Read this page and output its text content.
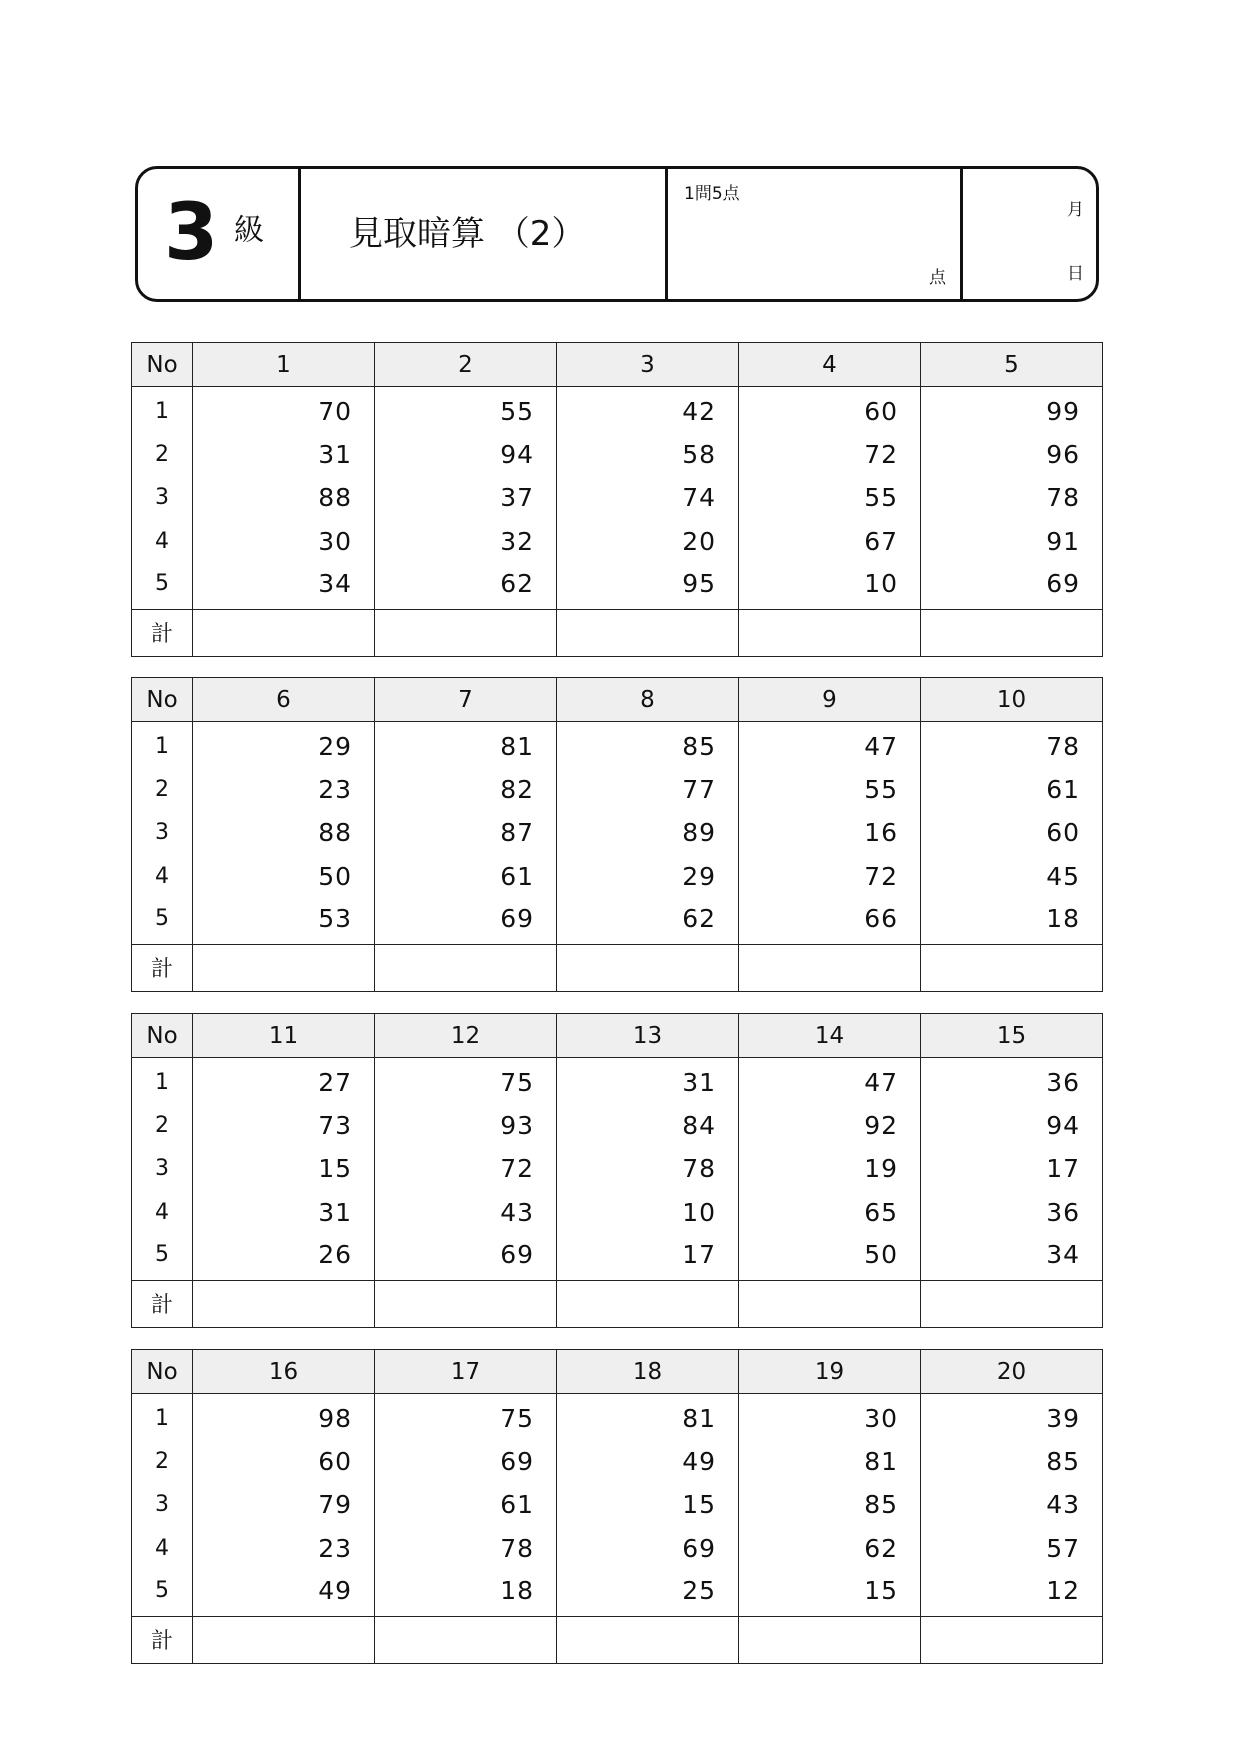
3 級	見取暗算 （2）
1問5点
点
月
日
No	1	2	3	4	5
1	70	55	42	60	99
2	31	94	58	72	96
3	88	37	74	55	78
4	30	32	20	67	91
5	34	62	95	10	69
計					
No	6	7	8	9	10
1	29	81	85	47	78
2	23	82	77	55	61
3	88	87	89	16	60
4	50	61	29	72	45
5	53	69	62	66	18
計					
No	11	12	13	14	15
1	27	75	31	47	36
2	73	93	84	92	94
3	15	72	78	19	17
4	31	43	10	65	36
5	26	69	17	50	34
計					
No	16	17	18	19	20
1	98	75	81	30	39
2	60	69	49	81	85
3	79	61	15	85	43
4	23	78	69	62	57
5	49	18	25	15	12
計					
